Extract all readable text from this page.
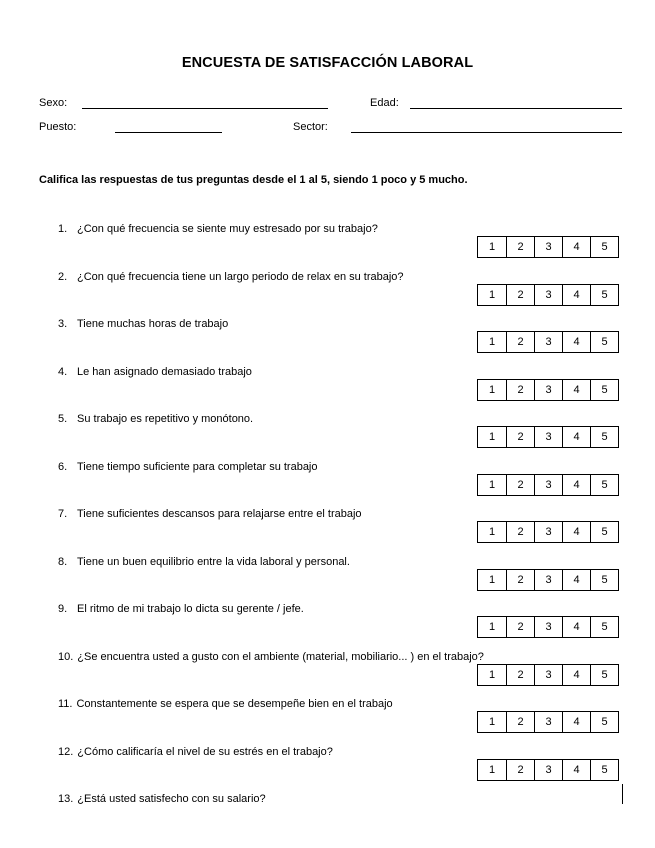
ENCUESTA DE SATISFACCIÓN LABORAL
Sexo:	Edad:
Puesto:	Sector:
Califica las respuestas de tus preguntas desde el 1 al 5, siendo 1 poco y 5 mucho.
1. ¿Con qué frecuencia se siente muy estresado por su trabajo?
1	2	3	4	5
2. ¿Con qué frecuencia tiene un largo periodo de relax en su trabajo?
1	2	3	4	5
3. Tiene muchas horas de trabajo
1	2	3	4	5
4. Le han asignado demasiado trabajo
1	2	3	4	5
5. Su trabajo es repetitivo y monótono.
1	2	3	4	5
6. Tiene tiempo suficiente para completar su trabajo
1	2	3	4	5
7. Tiene suficientes descansos para relajarse entre el trabajo
1	2	3	4	5
8. Tiene un buen equilibrio entre la vida laboral y personal.
1	2	3	4	5
9. El ritmo de mi trabajo lo dicta su gerente / jefe.
1	2	3	4	5
10. ¿Se encuentra usted a gusto con el ambiente (material, mobiliario... ) en el trabajo?
1	2	3	4	5
11. Constantemente se espera que se desempeñe bien en el trabajo
1	2	3	4	5
12. ¿Cómo calificaría el nivel de su estrés en el trabajo?
1	2	3	4	5
13. ¿Está usted satisfecho con su salario?
